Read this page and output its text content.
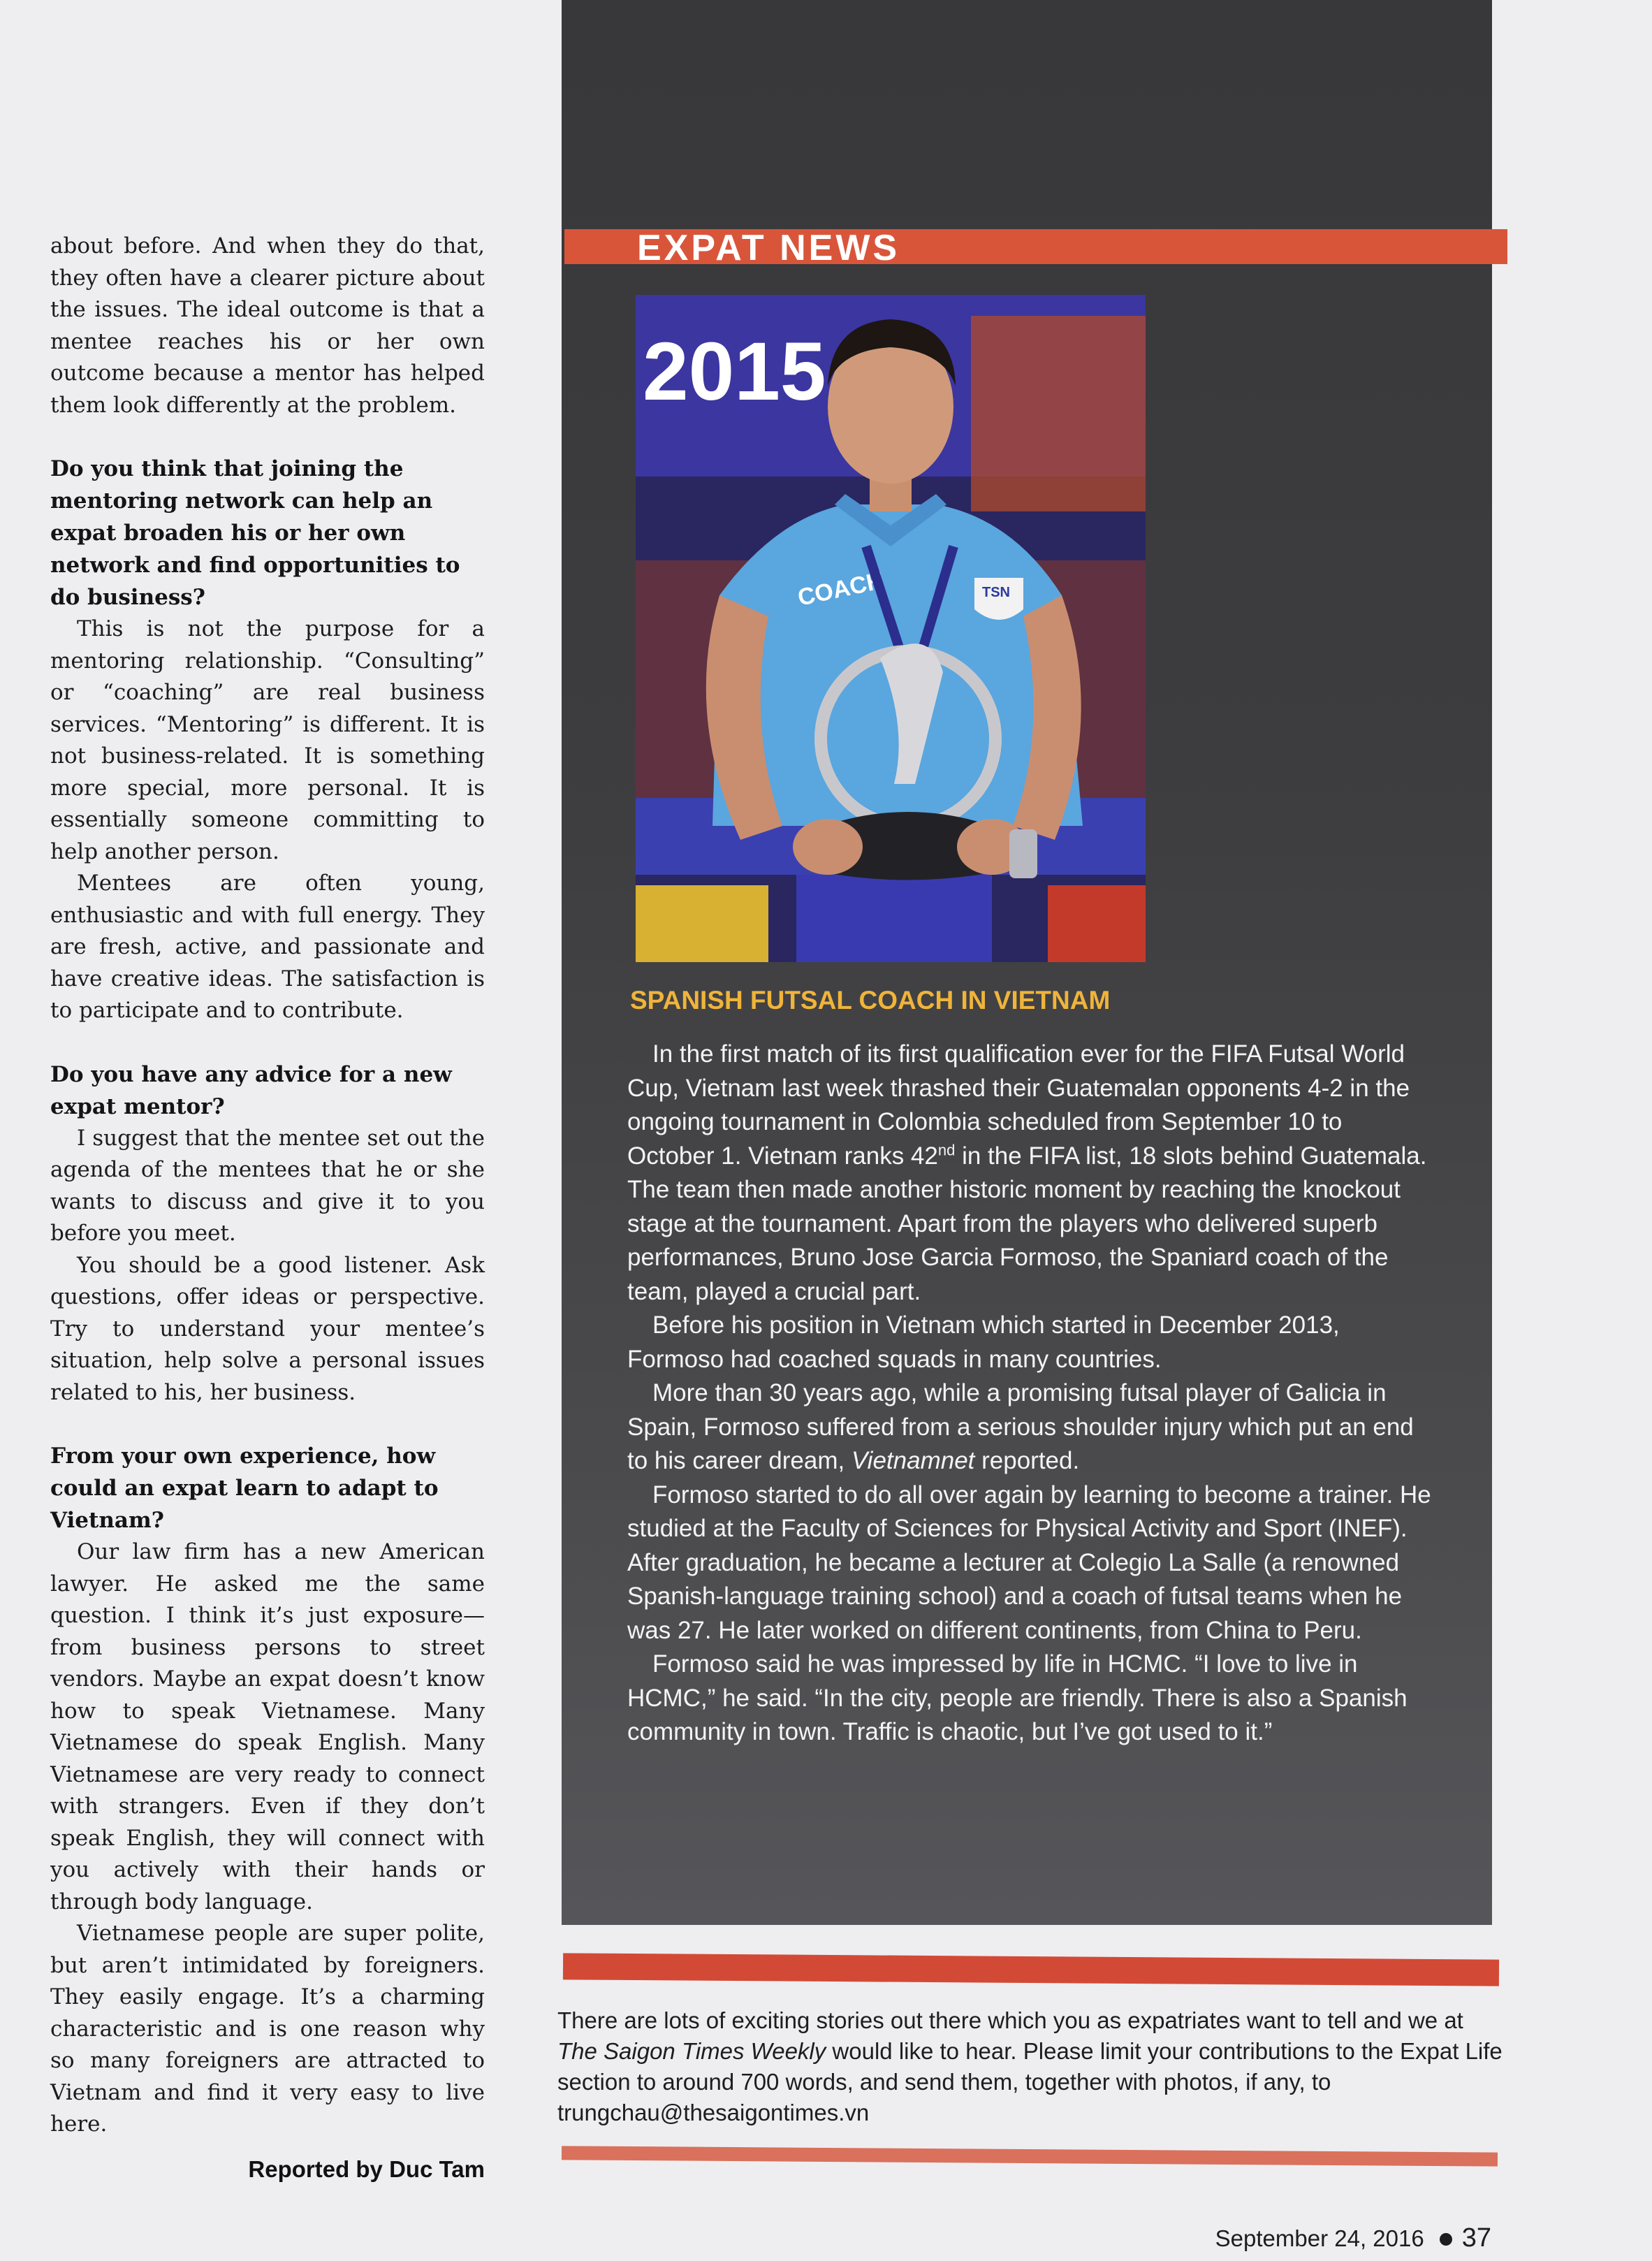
about before. And when they do that, they often have a clearer picture about the issues. The ideal outcome is that a mentee reaches his or her own outcome because a mentor has helped them look differently at the problem.

Do you think that joining the mentoring network can help an expat broaden his or her own network and find opportunities to do business?

This is not the purpose for a mentoring relationship. “Consulting” or “coaching” are real business services. “Mentoring” is different. It is not business-related. It is something more special, more personal. It is essentially someone committing to help another person.

Mentees are often young, enthusiastic and with full energy. They are fresh, active, and passionate and have creative ideas. The satisfaction is to participate and to contribute.

Do you have any advice for a new expat mentor?

I suggest that the mentee set out the agenda of the mentees that he or she wants to discuss and give it to you before you meet.

You should be a good listener. Ask questions, offer ideas or perspective. Try to understand your mentee’s situation, help solve a personal issues related to his, her business.

From your own experience, how could an expat learn to adapt to Vietnam?

Our law firm has a new American lawyer. He asked me the same question. I think it’s just exposure—from business persons to street vendors. Maybe an expat doesn’t know how to speak Vietnamese. Many Vietnamese do speak English. Many Vietnamese are very ready to connect with strangers. Even if they don’t speak English, they will connect with you actively with their hands or through body language.

Vietnamese people are super polite, but aren’t intimidated by foreigners. They easily engage. It’s a charming characteristic and is one reason why so many foreigners are attracted to Vietnam and find it very easy to live here.

Reported by Duc Tam
EXPAT NEWS
2015
COACH	TSN
SPANISH FUTSAL COACH IN VIETNAM

In the first match of its first qualification ever for the FIFA Futsal World Cup, Vietnam last week thrashed their Guatemalan opponents 4-2 in the ongoing tournament in Colombia scheduled from September 10 to October 1. Vietnam ranks 42nd in the FIFA list, 18 slots behind Guatemala. The team then made another historic moment by reaching the knockout stage at the tournament. Apart from the players who delivered superb performances, Bruno Jose Garcia Formoso, the Spaniard coach of the team, played a crucial part.

Before his position in Vietnam which started in December 2013, Formoso had coached squads in many countries.

More than 30 years ago, while a promising futsal player of Galicia in Spain, Formoso suffered from a serious shoulder injury which put an end to his career dream, Vietnamnet reported.

Formoso started to do all over again by learning to become a trainer. He studied at the Faculty of Sciences for Physical Activity and Sport (INEF). After graduation, he became a lecturer at Colegio La Salle (a renowned Spanish-language training school) and a coach of futsal teams when he was 27. He later worked on different continents, from China to Peru.

Formoso said he was impressed by life in HCMC. “I love to live in HCMC,” he said. “In the city, people are friendly. There is also a Spanish community in town. Traffic is chaotic, but I’ve got used to it.”

There are lots of exciting stories out there which you as expatriates want to tell and we at The Saigon Times Weekly would like to hear. Please limit your contributions to the Expat Life section to around 700 words, and send them, together with photos, if any, to trungchau@thesaigontimes.vn
September 24, 2016 37
